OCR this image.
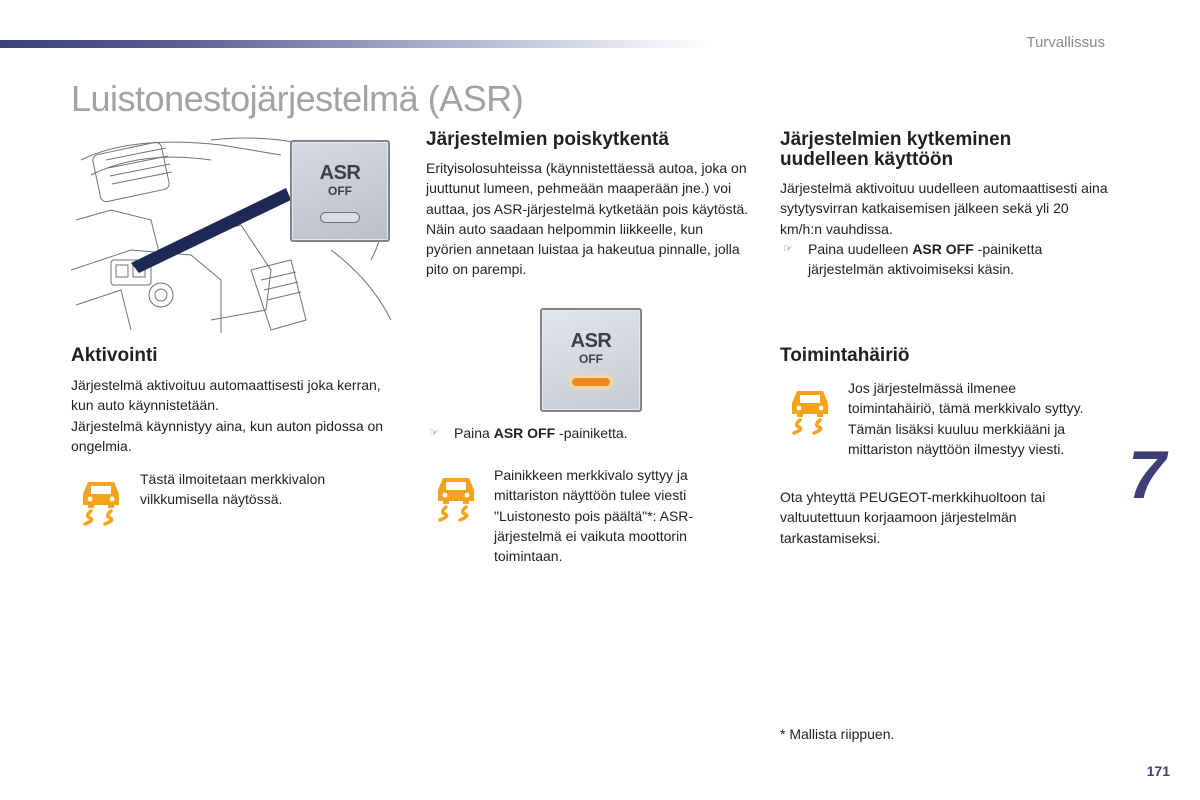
Turvallissus
Luistonestojärjestelmä (ASR)
ASR
OFF
Aktivointi

Järjestelmä aktivoituu automaattisesti joka kerran, kun auto käynnistetään.

Järjestelmä käynnistyy aina, kun auton pidossa on ongelmia.

Tästä ilmoitetaan merkkivalon vilkkumisella näytössä.

Järjestelmien poiskytkentä

Erityisolosuhteissa (käynnistettäessä autoa, joka on juuttunut lumeen, pehmeään maaperään jne.) voi auttaa, jos ASR-järjestelmä kytketään pois käytöstä. Näin auto saadaan helpommin liikkeelle, kun pyörien annetaan luistaa ja hakeutua pinnalle, jolla pito on parempi.

ASR
OFF
☞ Paina ASR OFF -painiketta.

Painikkeen merkkivalo syttyy ja mittariston näyttöön tulee viesti "Luistonesto pois päältä"*: ASR-järjestelmä ei vaikuta moottorin toimintaan.

Järjestelmien kytkeminen uudelleen käyttöön

Järjestelmä aktivoituu uudelleen automaattisesti aina sytytysvirran katkaisemisen jälkeen sekä yli 20 km/h:n vauhdissa.

☞ Paina uudelleen ASR OFF -painiketta järjestelmän aktivoimiseksi käsin.
Toimintahäiriö

Jos järjestelmässä ilmenee toimintahäiriö, tämä merkkivalo syttyy. Tämän lisäksi kuuluu merkkiääni ja mittariston näyttöön ilmestyy viesti.

Ota yhteyttä PEUGEOT-merkkihuoltoon tai valtuutettuun korjaamoon järjestelmän tarkastamiseksi.

* Mallista riippuen.

7
171
